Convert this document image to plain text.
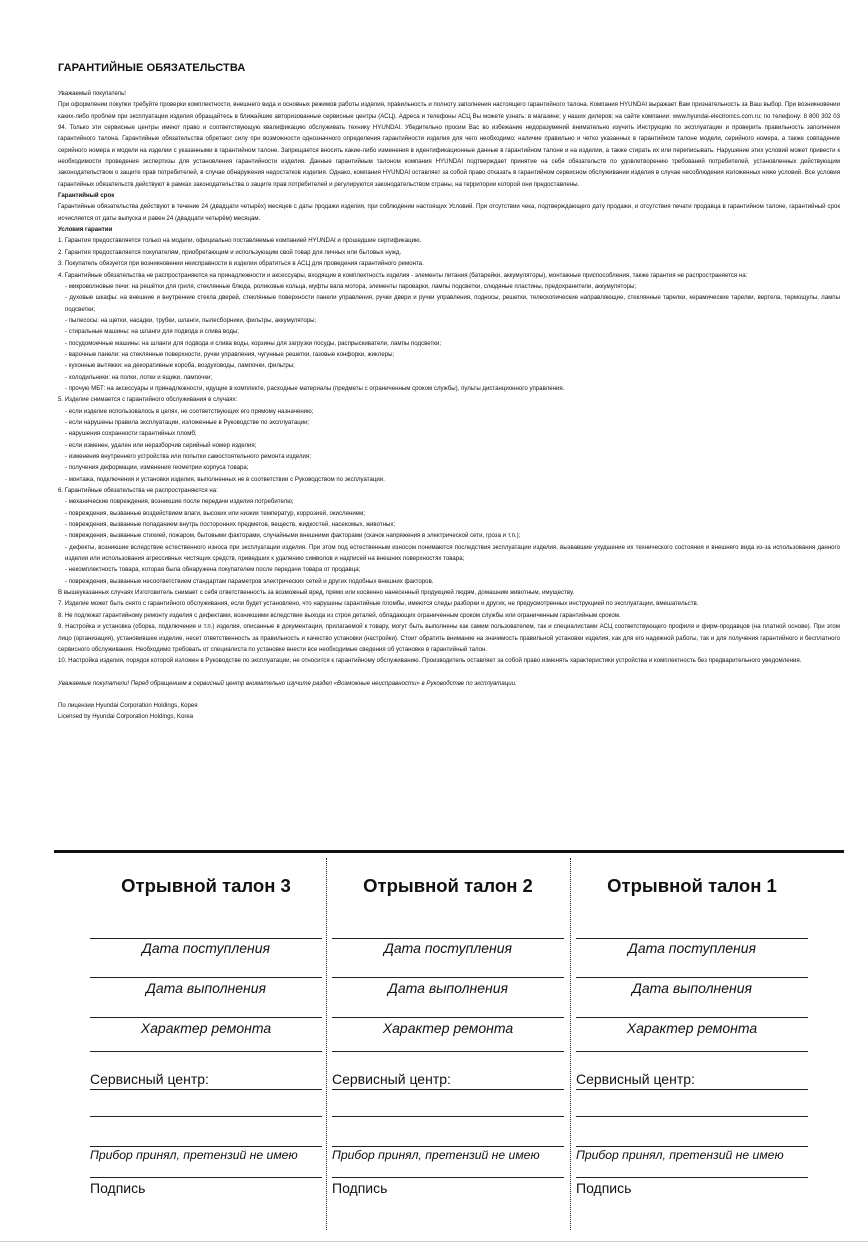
ГАРАНТИЙНЫЕ ОБЯЗАТЕЛЬСТВА

Уважаемый покупатель!

При оформлении покупки требуйте проверки комплектности, внешнего вида и основных режимов работы изделия, правильность и полноту заполнения настоящего гарантийного талона. Компания HYUNDAI выражает Вам признательность за Ваш выбор. При возникновении каких-либо проблем при эксплуатации изделия обращайтесь в ближайшие авторизованные сервисные центры (АСЦ). Адреса и телефоны АСЦ Вы можете узнать: в магазине; у наших дилеров; на сайте компании: www.hyundai-electronics.com.ru; по телефону: 8 800 302 03 94. Только эти сервисные центры имеют право и соответствующую квалификацию обслуживать технику HYUNDAI. Убедительно просим Вас во избежание недоразумений внимательно изучить Инструкцию по эксплуатации и проверить правильность заполнения гарантийного талона. Гарантийные обязательства обретают силу при возможности однозначного определения гарантийности изделия для чего необходимо: наличие правильно и четко указанных в гарантийном талоне модели, серийного номера, а также совпадение серийного номера и модели на изделии с указанными в гарантийном талоне. Запрещается вносить какие-либо изменения в идентификационные данные в гарантийном талоне и на изделии, а также стирать их или переписывать. Нарушение этих условий может привести к необходимости проведения экспертизы для установления гарантийности изделия. Данные гарантийным талоном компания HYUNDAI подтверждает принятие на себя обязательств по удовлетворению требований потребителей, установленных действующим законодательством о защите прав потребителей, в случае обнаружения недостатков изделия. Однако, компания HYUNDAI оставляет за собой право отказать в гарантийном сервисном обслуживании изделия в случае несоблюдения изложенных ниже условий. Все условия гарантийных обязательств действуют в рамках законодательства о защите прав потребителей и регулируются законодательством страны, на территории которой они предоставлены.

Гарантийный срок

Гарантийные обязательства действуют в течение 24 (двадцати четырёх) месяцев с даты продажи изделия, при соблюдении настоящих Условий. При отсутствии чека, подтверждающего дату продажи, и отсутствия печати продавца в гарантийном талоне, гарантийный срок исчисляется от даты выпуска и равен 24 (двадцати четырём) месяцам.

Условия гарантии

1. Гарантия предоставляется только на модели, официально поставляемые компанией HYUNDAI и прошедшие сертификацию.

2. Гарантия предоставляется покупателям, приобретающим и использующим свой товар для личных или бытовых нужд.

3. Покупатель обязуется при возникновении неисправности в изделии обратиться в АСЦ для проведения гарантийного ремонта.

4. Гарантийные обязательства не распространяются на принадлежности и аксессуары, входящие в комплектность изделия - элементы питания (батарейки, аккумуляторы), монтажные приспособления, также гарантия не распространяется на:

- микроволновые печи: на решётки для гриля, стеклянные блюда, роликовые кольца, муфты вала мотора, элементы пароварки, лампы подсветки, слюдяные пластины, предохранители, аккумуляторы;

- духовые шкафы: на внешние и внутренние стекла дверей, стеклянные поверхности панели управления, ручки двери и ручки управления, подносы, решетки, телескопические направляющие, стеклянные тарелки, керамические тарелки, вертела, термощупы, лампы подсветки;

- пылесосы: на щетки, насадки, трубки, шланги, пылесборники, фильтры, аккумуляторы;

- стиральные машины: на шланги для подвода и слива воды;

- посудомоечные машины: на шланги для подвода и слива воды, корзины для загрузки посуды, распрыскиватели, лампы подсветки;

- варочные панели: на стеклянные поверхности, ручки управления, чугунные решетки, газовые конфорки, жиклеры;

- кухонные вытяжки: на декоративные короба, воздуховоды, лампочки, фильтры;

- холодильники: на полки, лотки и ящики, лампочки;

- прочую МБТ: на аксессуары и принадлежности, идущие в комплекте, расходные материалы (предметы с ограниченным сроком службы), пульты дистанционного управления.

5. Изделие снимается с гарантийного обслуживания в случаях:

- если изделие использовалось в целях, не соответствующих его прямому назначению;

- если нарушены правила эксплуатации, изложенные в Руководстве по эксплуатации;

- нарушения сохранности гарантийных пломб;

- если изменен, удален или неразборчив серийный номер изделия;

- изменения внутреннего устройства или попытки самостоятельного ремонта изделия;

- получения деформации, изменения геометрии корпуса товара;

- монтажа, подключения и установки изделия, выполненных не в соответствии с Руководством по эксплуатации.

6. Гарантийные обязательства не распространяются на:

- механические повреждения, возникшие после передачи изделия потребителю;

- повреждения, вызванные воздействием влаги, высоких или низких температур, коррозией, окислением;

- повреждения, вызванные попаданием внутрь посторонних предметов, веществ, жидкостей, насекомых, животных;

- повреждения, вызванные стихией, пожаром, бытовыми факторами, случайными внешними факторами (скачок напряжения в электрической сети, гроза и т.п.);

- дефекты, возникшие вследствие естественного износа при эксплуатации изделия. При этом под естественным износом понимаются последствия эксплуатации изделия, вызвавшие ухудшение их технического состояния и внешнего вида из-за использования данного изделия или использования агрессивных чистящих средств, приведших к удалению символов и надписей на внешних поверхностях товара;

- некомплектность товара, которая была обнаружена покупателем после передачи товара от продавца;

- повреждения, вызванные несоответствием стандартам параметров электрических сетей и других подобных внешних факторов.

В вышеуказанных случаях Изготовитель снимает с себя ответственность за возможный вред, прямо или косвенно нанесенный продукцией людям, домашним животным, имуществу.

7. Изделие может быть снято с гарантийного обслуживания, если будет установлено, что нарушены гарантийные пломбы, имеются следы разборки и других, не предусмотренных инструкцией по эксплуатации, вмешательств.

8. Не подлежат гарантийному ремонту изделия с дефектами, возникшими вследствие выхода из строя деталей, обладающих ограниченным сроком службы или ограниченным гарантийным сроком.

9. Настройка и установка (сборка, подключение и т.п.) изделия, описанные в документации, прилагаемой к товару, могут быть выполнены как самим пользователем, так и специалистами АСЦ соответствующего профиля и фирм-продавцов (на платной основе). При этом лицо (организация), установившее изделие, несет ответственность за правильность и качество установки (настройки). Стоит обратить внимание на значимость правильной установки изделия, как для его надежной работы, так и для получения гарантийного и бесплатного сервисного обслуживания. Необходимо требовать от специалиста по установке внести все необходимые сведения об установке в гарантийный талон.

10. Настройка изделия, порядок которой изложен в Руководстве по эксплуатации, не относится к гарантийному обслуживанию. Производитель оставляет за собой право изменять характеристики устройства и комплектность без предварительного уведомления.

Уважаемые покупатели! Перед обращением в сервисный центр внимательно изучите раздел «Возможные неисправности» в Руководстве по эксплуатации.

По лицензии Hyundai Corporation Holdings, Корея

Licensed by Hyundai Corporation Holdings, Korea

Отрывной талон 3
Дата поступления
Дата выполнения
Характер ремонта
Сервисный центр:
Прибор принял, претензий не имею
Подпись
Отрывной талон 2
Дата поступления
Дата выполнения
Характер ремонта
Сервисный центр:
Прибор принял, претензий не имею
Подпись
Отрывной талон 1
Дата поступления
Дата выполнения
Характер ремонта
Сервисный центр:
Прибор принял, претензий не имею
Подпись
